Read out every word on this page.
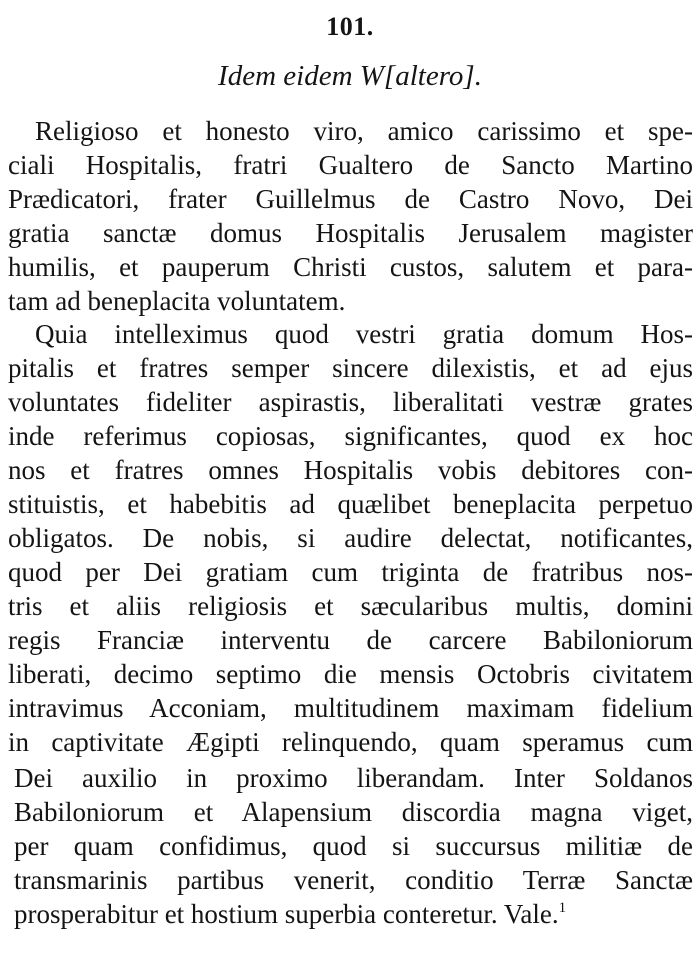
101.
Idem eidem W[altero].
Religioso et honesto viro, amico carissimo et spe-
ciali Hospitalis, fratri Gualtero de Sancto Martino
Prædicatori, frater Guillelmus de Castro Novo, Dei
gratia sanctæ domus Hospitalis Jerusalem magister
humilis, et pauperum Christi custos, salutem et para-
tam ad beneplacita voluntatem.
Quia intelleximus quod vestri gratia domum Hos-
pitalis et fratres semper sincere dilexistis, et ad ejus
voluntates fideliter aspirastis, liberalitati vestræ grates
inde referimus copiosas, significantes, quod ex hoc
nos et fratres omnes Hospitalis vobis debitores con-
stituistis, et habebitis ad quælibet beneplacita perpetuo
obligatos. De nobis, si audire delectat, notificantes,
quod per Dei gratiam cum triginta de fratribus nos-
tris et aliis religiosis et sæcularibus multis, domini
regis Franciæ interventu de carcere Babiloniorum
liberati, decimo septimo die mensis Octobris civitatem
intravimus Acconiam, multitudinem maximam fidelium
in captivitate Ægipti relinquendo, quam speramus cum
Dei auxilio in proximo liberandam. Inter Soldanos
Babiloniorum et Alapensium discordia magna viget,
per quam confidimus, quod si succursus militiæ de
transmarinis partibus venerit, conditio Terræ Sanctæ
prosperabitur et hostium superbia conteretur. Vale.$^1$
